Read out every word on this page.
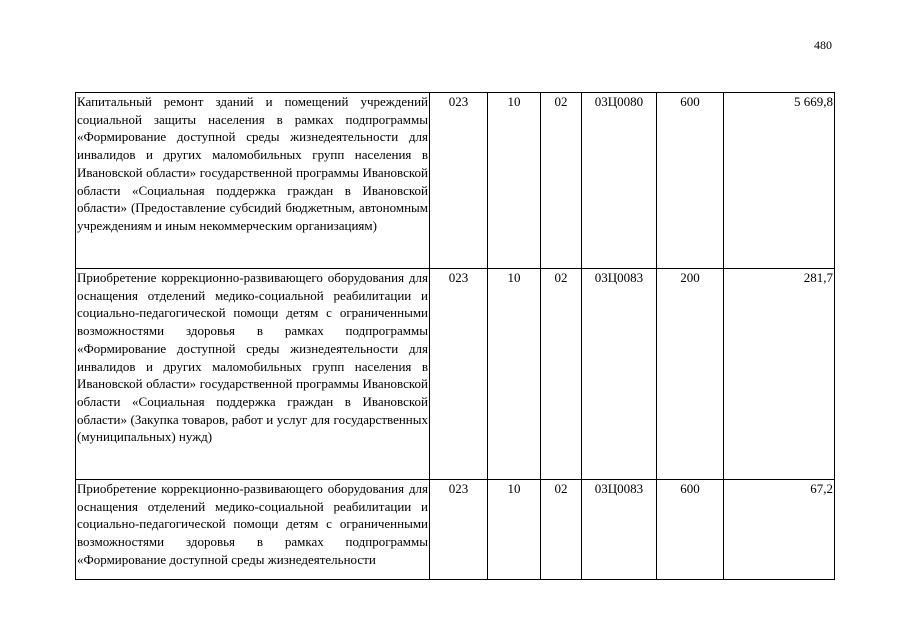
480
Капитальный ремонт зданий и помещений учреждений социальной защиты населения в рамках подпрограммы «Формирование доступной среды жизнедеятельности для инвалидов и других маломобильных групп населения в Ивановской области» государственной программы Ивановской области «Социальная поддержка граждан в Ивановской области» (Предоставление субсидий бюджетным, автономным учреждениям и иным некоммерческим организациям)	023	10	02	03Ц0080	600	5 669,8
Приобретение коррекционно-развивающего оборудования для оснащения отделений медико-социальной реабилитации и социально-педагогической помощи детям с ограниченными возможностями здоровья в рамках подпрограммы «Формирование доступной среды жизнедеятельности для инвалидов и других маломобильных групп населения в Ивановской области» государственной программы Ивановской области «Социальная поддержка граждан в Ивановской области» (Закупка товаров, работ и услуг для государственных (муниципальных) нужд)	023	10	02	03Ц0083	200	281,7
Приобретение коррекционно-развивающего оборудования для оснащения отделений медико-социальной реабилитации и социально-педагогической помощи детям с ограниченными возможностями здоровья в рамках подпрограммы «Формирование доступной среды жизнедеятельности	023	10	02	03Ц0083	600	67,2
